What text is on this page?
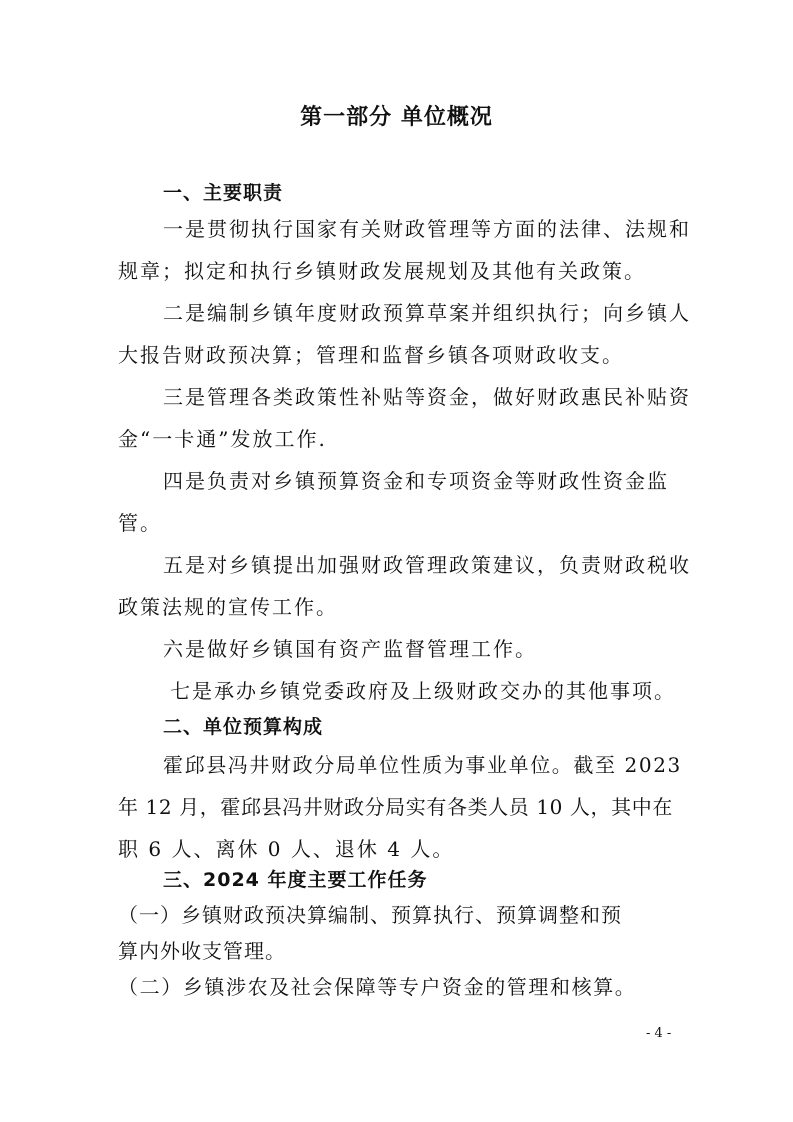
第一部分 单位概况
一、主要职责
一是贯彻执行国家有关财政管理等方面的法律、法规和
规章；拟定和执行乡镇财政发展规划及其他有关政策。
二是编制乡镇年度财政预算草案并组织执行；向乡镇人
大报告财政预决算；管理和监督乡镇各项财政收支。
三是管理各类政策性补贴等资金，做好财政惠民补贴资
金“一卡通”发放工作.
四是负责对乡镇预算资金和专项资金等财政性资金监
管。
五是对乡镇提出加强财政管理政策建议，负责财政税收
政策法规的宣传工作。
六是做好乡镇国有资产监督管理工作。
七是承办乡镇党委政府及上级财政交办的其他事项。
二、单位预算构成
霍邱县冯井财政分局单位性质为事业单位。截至 2023
年 12 月，霍邱县冯井财政分局实有各类人员 10 人，其中在
职 6 人、离休 0 人、退休 4 人。
三、2024 年度主要工作任务
（一）乡镇财政预决算编制、预算执行、预算调整和预
算内外收支管理。
（二）乡镇涉农及社会保障等专户资金的管理和核算。
- 4 -
